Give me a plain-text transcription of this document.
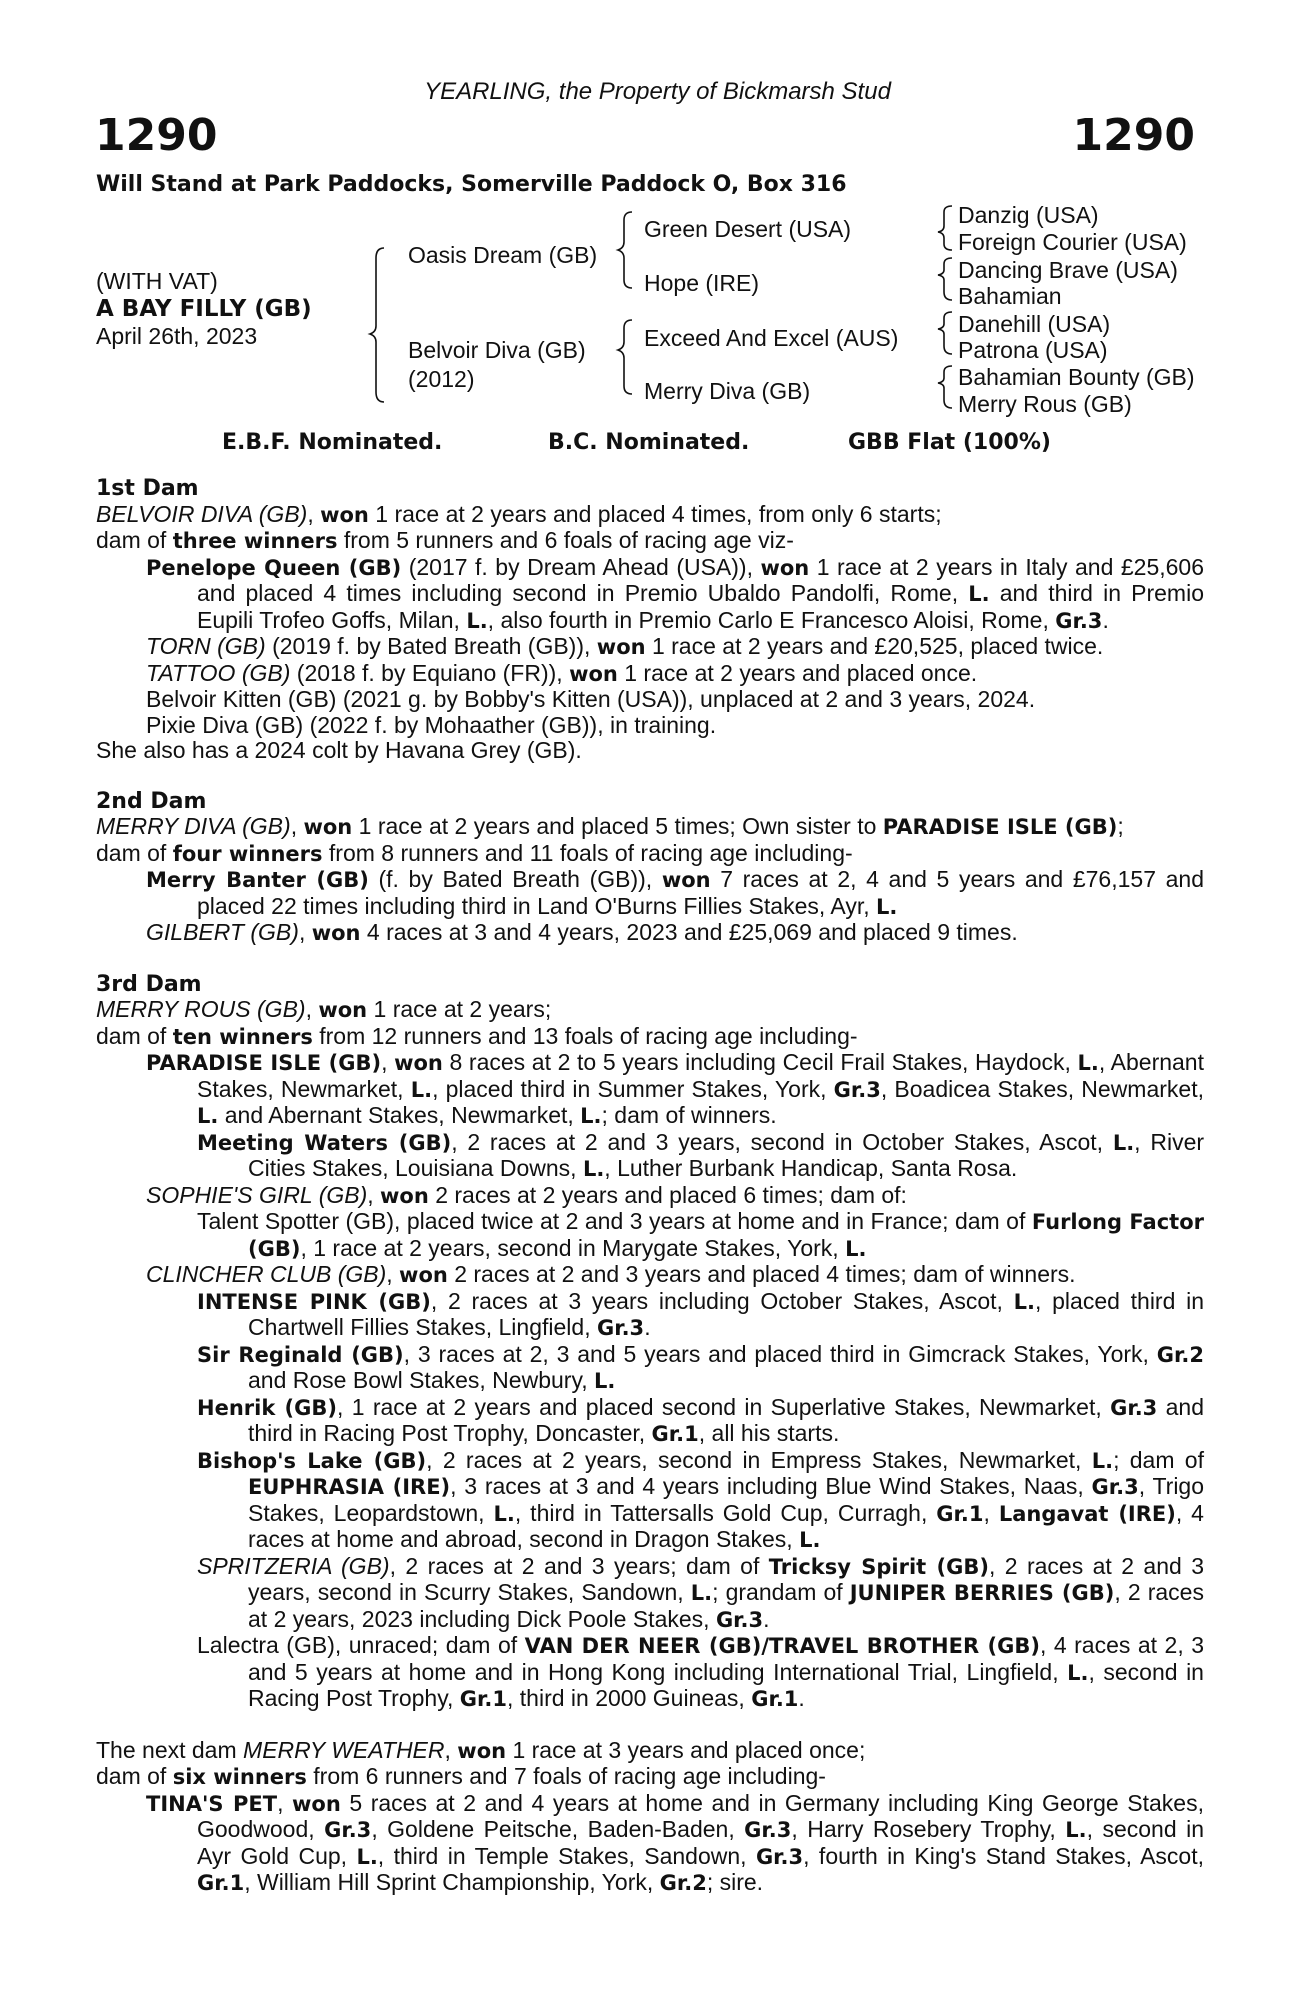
YEARLING, the Property of Bickmarsh Stud
1290	1290
Will Stand at Park Paddocks, Somerville Paddock O, Box 316
(WITH VAT)
A BAY FILLY (GB)
April 26th, 2023
Oasis Dream (GB)
Belvoir Diva (GB)
(2012)
Green Desert (USA)
Hope (IRE)
Exceed And Excel (AUS)
Merry Diva (GB)
Danzig (USA)
Foreign Courier (USA)
Dancing Brave (USA)
Bahamian
Danehill (USA)
Patrona (USA)
Bahamian Bounty (GB)
Merry Rous (GB)
E.B.F. Nominated.	B.C. Nominated.	GBB Flat (100%)
1st Dam
BELVOIR DIVA (GB), won 1 race at 2 years and placed 4 times, from only 6 starts;
dam of three winners from 5 runners and 6 foals of racing age viz-
Penelope Queen (GB) (2017 f. by Dream Ahead (USA)), won 1 race at 2 years in Italy and £25,606 and placed 4 times including second in Premio Ubaldo Pandolfi, Rome, L. and third in Premio Eupili Trofeo Goffs, Milan, L., also fourth in Premio Carlo E Francesco Aloisi, Rome, Gr.3.
TORN (GB) (2019 f. by Bated Breath (GB)), won 1 race at 2 years and £20,525, placed twice.
TATTOO (GB) (2018 f. by Equiano (FR)), won 1 race at 2 years and placed once.
Belvoir Kitten (GB) (2021 g. by Bobby's Kitten (USA)), unplaced at 2 and 3 years, 2024.
Pixie Diva (GB) (2022 f. by Mohaather (GB)), in training.
She also has a 2024 colt by Havana Grey (GB).
2nd Dam
MERRY DIVA (GB), won 1 race at 2 years and placed 5 times; Own sister to PARADISE ISLE (GB);
dam of four winners from 8 runners and 11 foals of racing age including-
Merry Banter (GB) (f. by Bated Breath (GB)), won 7 races at 2, 4 and 5 years and £76,157 and placed 22 times including third in Land O'Burns Fillies Stakes, Ayr, L.
GILBERT (GB), won 4 races at 3 and 4 years, 2023 and £25,069 and placed 9 times.
3rd Dam
MERRY ROUS (GB), won 1 race at 2 years;
dam of ten winners from 12 runners and 13 foals of racing age including-
PARADISE ISLE (GB), won 8 races at 2 to 5 years including Cecil Frail Stakes, Haydock, L., Abernant Stakes, Newmarket, L., placed third in Summer Stakes, York, Gr.3, Boadicea Stakes, Newmarket, L. and Abernant Stakes, Newmarket, L.; dam of winners.
Meeting Waters (GB), 2 races at 2 and 3 years, second in October Stakes, Ascot, L., River Cities Stakes, Louisiana Downs, L., Luther Burbank Handicap, Santa Rosa.
SOPHIE'S GIRL (GB), won 2 races at 2 years and placed 6 times; dam of:
Talent Spotter (GB), placed twice at 2 and 3 years at home and in France; dam of Furlong Factor (GB), 1 race at 2 years, second in Marygate Stakes, York, L.
CLINCHER CLUB (GB), won 2 races at 2 and 3 years and placed 4 times; dam of winners.
INTENSE PINK (GB), 2 races at 3 years including October Stakes, Ascot, L., placed third in Chartwell Fillies Stakes, Lingfield, Gr.3.
Sir Reginald (GB), 3 races at 2, 3 and 5 years and placed third in Gimcrack Stakes, York, Gr.2 and Rose Bowl Stakes, Newbury, L.
Henrik (GB), 1 race at 2 years and placed second in Superlative Stakes, Newmarket, Gr.3 and third in Racing Post Trophy, Doncaster, Gr.1, all his starts.
Bishop's Lake (GB), 2 races at 2 years, second in Empress Stakes, Newmarket, L.; dam of EUPHRASIA (IRE), 3 races at 3 and 4 years including Blue Wind Stakes, Naas, Gr.3, Trigo Stakes, Leopardstown, L., third in Tattersalls Gold Cup, Curragh, Gr.1, Langavat (IRE), 4 races at home and abroad, second in Dragon Stakes, L.
SPRITZERIA (GB), 2 races at 2 and 3 years; dam of Tricksy Spirit (GB), 2 races at 2 and 3 years, second in Scurry Stakes, Sandown, L.; grandam of JUNIPER BERRIES (GB), 2 races at 2 years, 2023 including Dick Poole Stakes, Gr.3.
Lalectra (GB), unraced; dam of VAN DER NEER (GB)/TRAVEL BROTHER (GB), 4 races at 2, 3 and 5 years at home and in Hong Kong including International Trial, Lingfield, L., second in Racing Post Trophy, Gr.1, third in 2000 Guineas, Gr.1.
The next dam MERRY WEATHER, won 1 race at 3 years and placed once;
dam of six winners from 6 runners and 7 foals of racing age including-
TINA'S PET, won 5 races at 2 and 4 years at home and in Germany including King George Stakes, Goodwood, Gr.3, Goldene Peitsche, Baden-Baden, Gr.3, Harry Rosebery Trophy, L., second in Ayr Gold Cup, L., third in Temple Stakes, Sandown, Gr.3, fourth in King's Stand Stakes, Ascot, Gr.1, William Hill Sprint Championship, York, Gr.2; sire.
